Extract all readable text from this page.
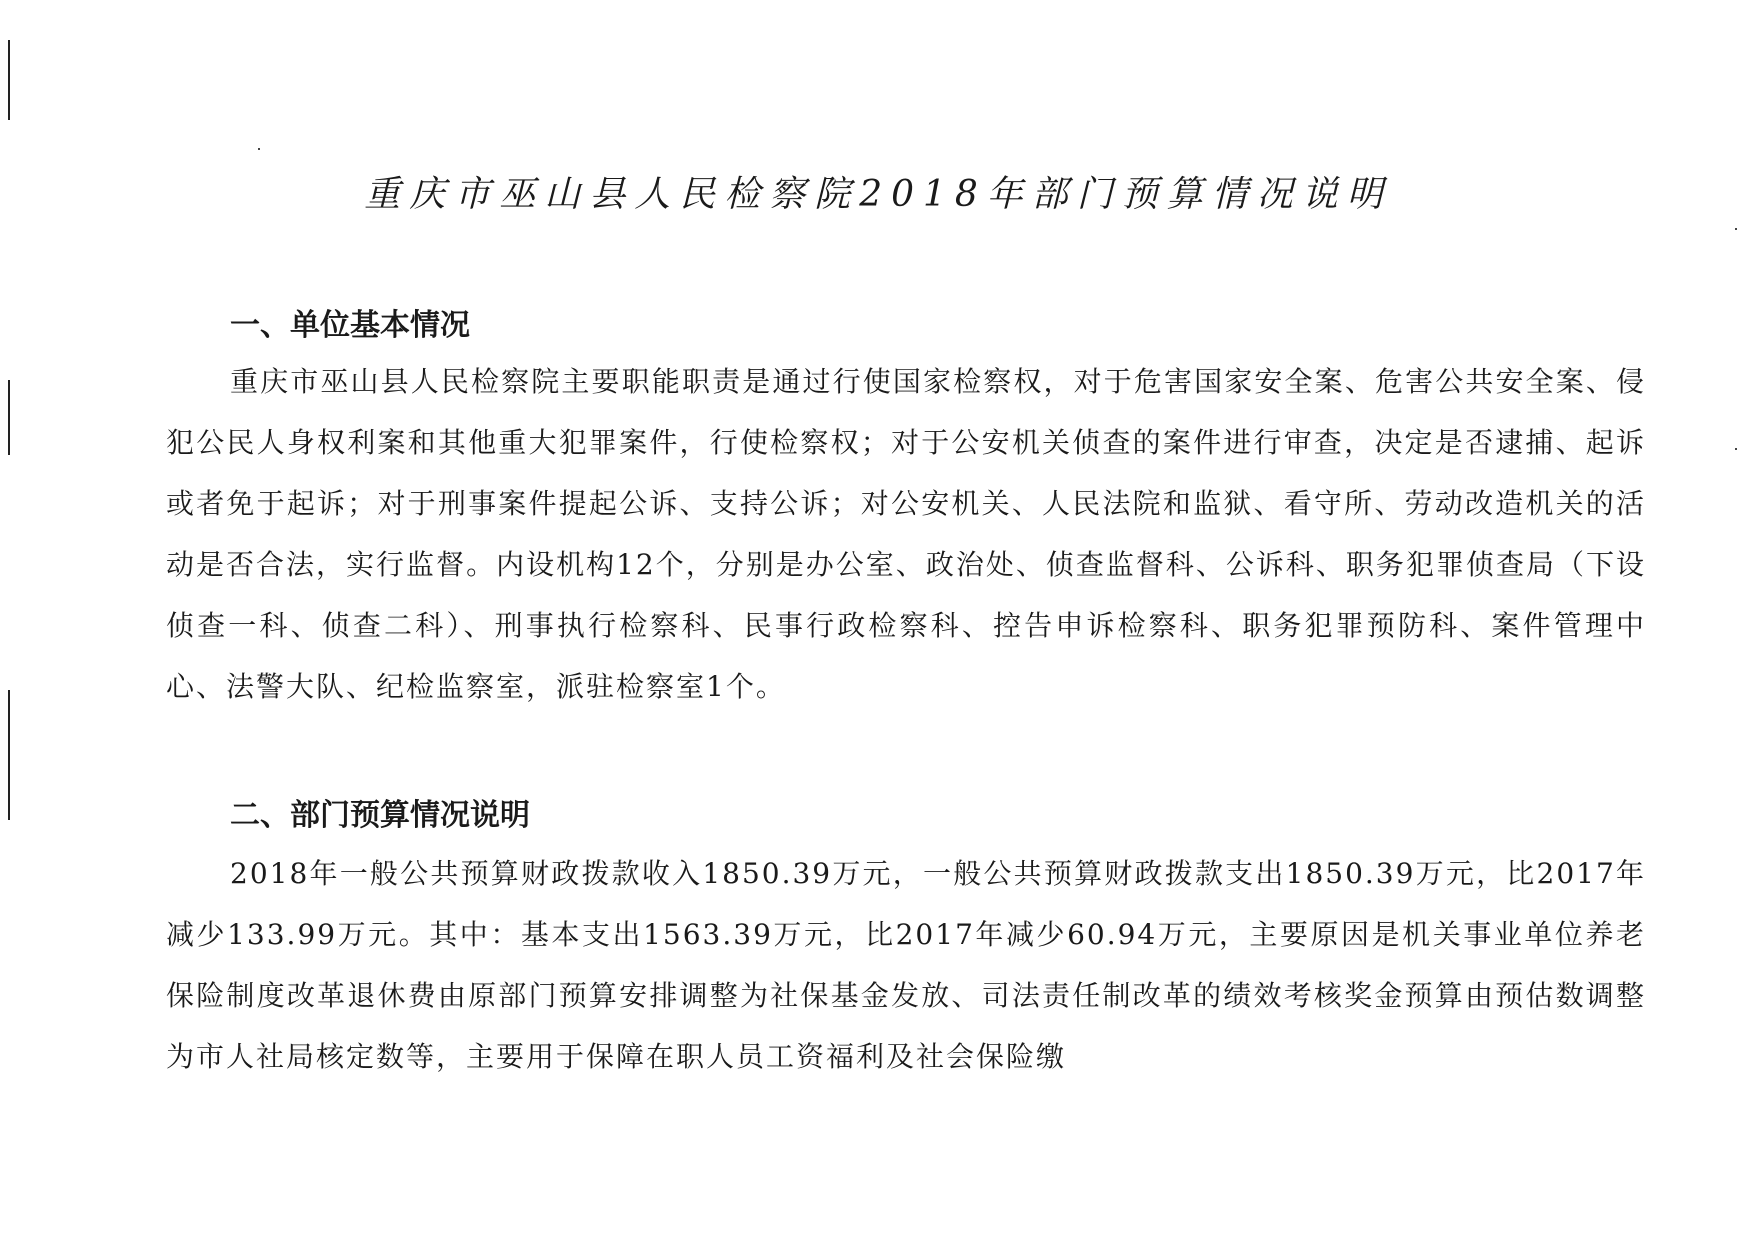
重庆市巫山县人民检察院2018年部门预算情况说明
一、单位基本情况

重庆市巫山县人民检察院主要职能职责是通过行使国家检察权，对于危害国家安全案、危害公共安全案、侵犯公民人身权利案和其他重大犯罪案件，行使检察权；对于公安机关侦查的案件进行审查，决定是否逮捕、起诉或者免于起诉；对于刑事案件提起公诉、支持公诉；对公安机关、人民法院和监狱、看守所、劳动改造机关的活动是否合法，实行监督。内设机构12个，分别是办公室、政治处、侦查监督科、公诉科、职务犯罪侦查局（下设侦查一科、侦查二科）、刑事执行检察科、民事行政检察科、控告申诉检察科、职务犯罪预防科、案件管理中心、法警大队、纪检监察室，派驻检察室1个。

二、部门预算情况说明

2018年一般公共预算财政拨款收入1850.39万元，一般公共预算财政拨款支出1850.39万元，比2017年减少133.99万元。其中：基本支出1563.39万元，比2017年减少60.94万元，主要原因是机关事业单位养老保险制度改革退休费由原部门预算安排调整为社保基金发放、司法责任制改革的绩效考核奖金预算由预估数调整为市人社局核定数等，主要用于保障在职人员工资福利及社会保险缴
